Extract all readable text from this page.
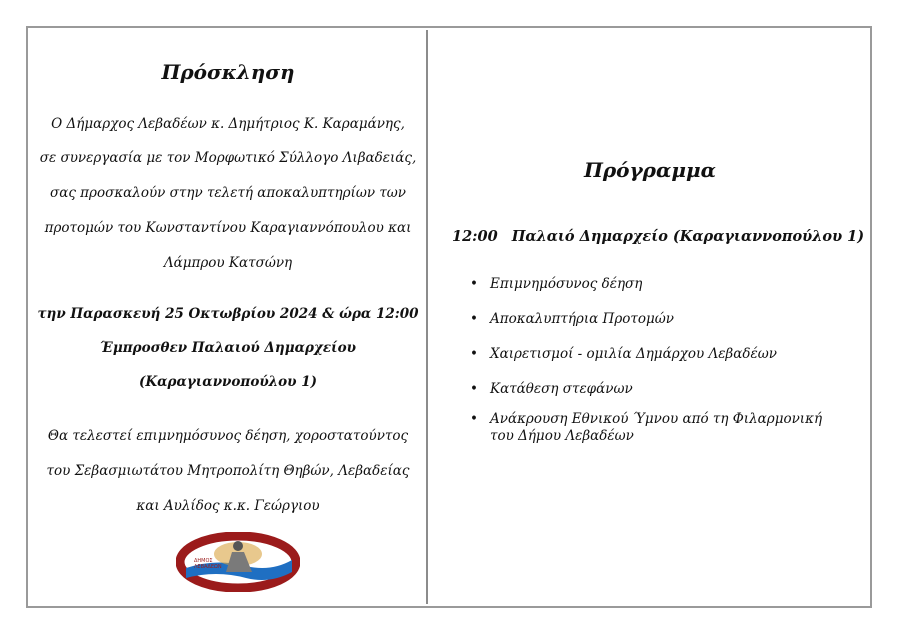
Πρόσκληση
Ο Δήμαρχος Λεβαδέων κ. Δημήτριος Κ. Καραμάνης,
σε συνεργασία με τον Μορφωτικό Σύλλογο Λιβαδειάς,
σας προσκαλούν στην τελετή αποκαλυπτηρίων των
προτομών του Κωνσταντίνου Καραγιαννόπουλου και
Λάμπρου Κατσώνη
την Παρασκευή 25 Οκτωβρίου 2024 & ώρα 12:00
Έμπροσθεν Παλαιού Δημαρχείου
(Καραγιαννοπούλου 1)
Θα τελεστεί επιμνημόσυνος δέηση, χοροστατούντος
του Σεβασμιωτάτου Μητροπολίτη Θηβών, Λεβαδείας
και Αυλίδος κ.κ. Γεώργιου
ΔΗΜΟΣ
ΛΕΒΑΔΕΩΝ
Πρόγραμμα
12:00 Παλαιό Δημαρχείο (Καραγιαννοπούλου 1)
• Επιμνημόσυνος δέηση
• Αποκαλυπτήρια Προτομών
• Χαιρετισμοί - ομιλία Δημάρχου Λεβαδέων
• Κατάθεση στεφάνων
• Ανάκρουση Εθνικού Ύμνου από τη Φιλαρμονική του Δήμου Λεβαδέων
